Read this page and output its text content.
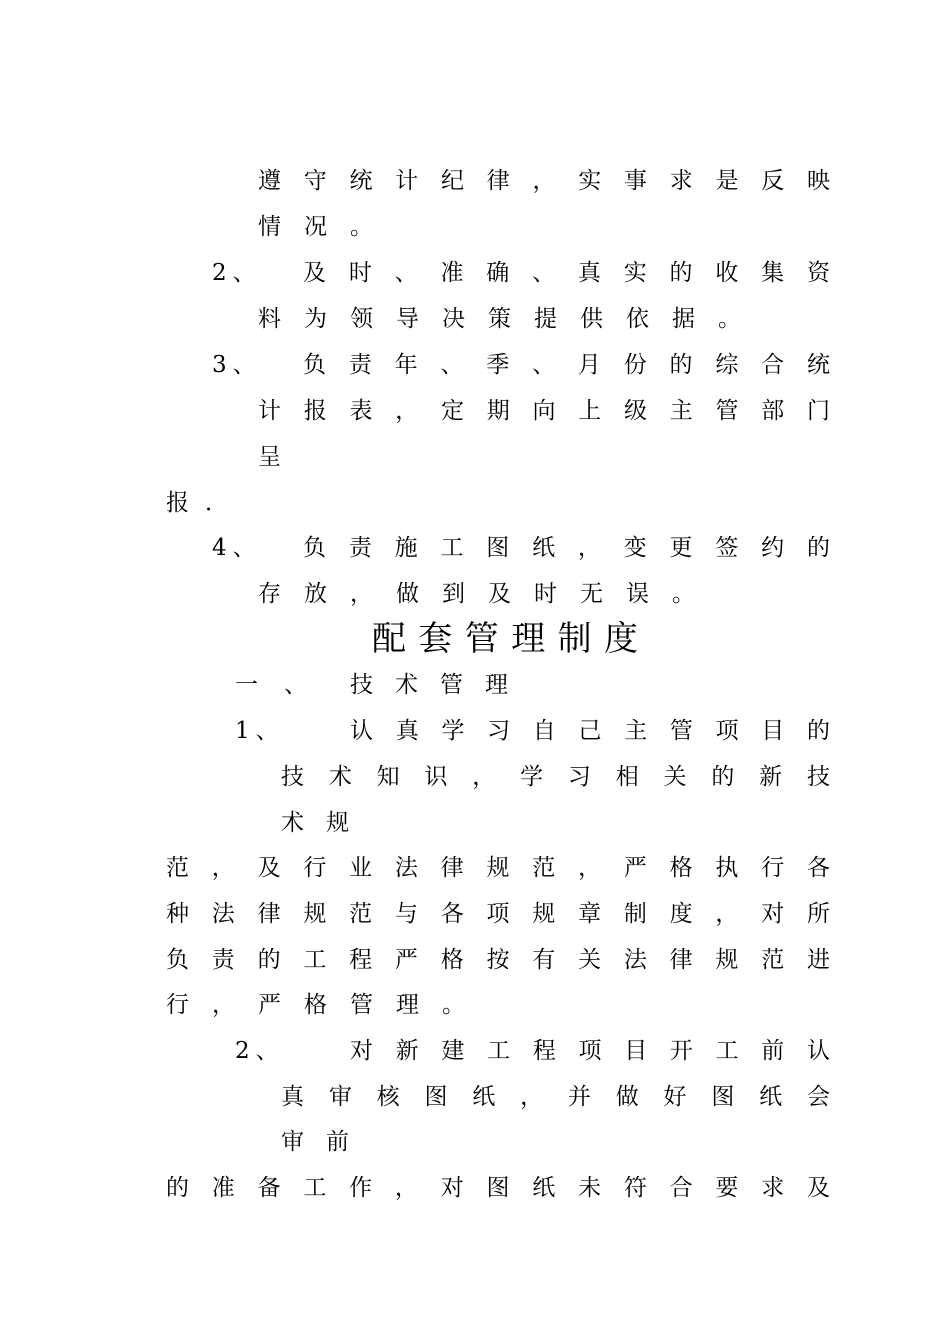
遵守统计纪律，实事求是反映
情况。
2、 及时、准确、真实的收集资
料为领导决策提供依据。
3、 负责年、季、月份的综合统
计报表，定期向上级主管部门
呈
报．
4、 负责施工图纸，变更签约的
存放，做到及时无误。
配套管理制度
一、 技术管理
1、	认真学习自己主管项目的
技术知识，学习相关的新技
术规
范，及行业法律规范，严格执行各
种法律规范与各项规章制度，对所
负责的工程严格按有关法律规范进
行，严格管理。
2、	对新建工程项目开工前认
真审核图纸，并做好图纸会
审前
的准备工作，对图纸未符合要求及
